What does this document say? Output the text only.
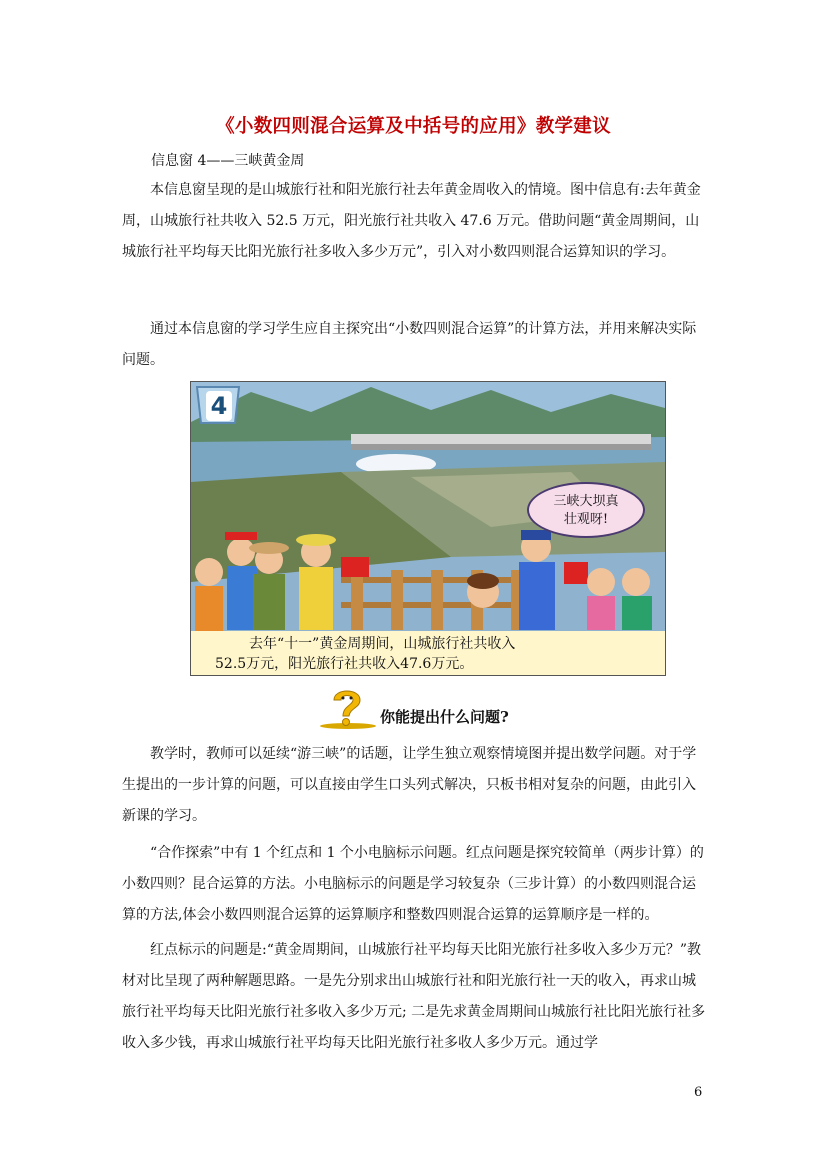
《小数四则混合运算及中括号的应用》教学建议
信息窗 4——三峡黄金周

本信息窗呈现的是山城旅行社和阳光旅行社去年黄金周收入的情境。图中信息有:去年黄金周，山城旅行社共收入 52.5 万元，阳光旅行社共收入 47.6 万元。借助问题“黄金周期间，山城旅行社平均每天比阳光旅行社多收入多少万元”，引入对小数四则混合运算知识的学习。

通过本信息窗的学习学生应自主探究出“小数四则混合运算”的计算方法，并用来解决实际问题。

4
三峡大坝真
壮观呀!
去年“十一”黄金周期间，山城旅行社共收入
52.5万元，阳光旅行社共收入47.6万元。
你能提出什么问题?

教学时，教师可以延续“游三峡”的话题，让学生独立观察情境图并提出数学问题。对于学生提出的一步计算的问题，可以直接由学生口头列式解决，只板书相对复杂的问题，由此引入新课的学习。

“合作探索”中有 1 个红点和 1 个小电脑标示问题。红点问题是探究较简单（两步计算）的小数四则？昆合运算的方法。小电脑标示的问题是学习较复杂（三步计算）的小数四则混合运算的方法,体会小数四则混合运算的运算顺序和整数四则混合运算的运算顺序是一样的。

红点标示的问题是:“黄金周期间，山城旅行社平均每天比阳光旅行社多收入多少万元？”教材对比呈现了两种解题思路。一是先分别求出山城旅行社和阳光旅行社一天的收入，再求山城旅行社平均每天比阳光旅行社多收入多少万元; 二是先求黄金周期间山城旅行社比阳光旅行社多收入多少钱，再求山城旅行社平均每天比阳光旅行社多收人多少万元。通过学

6
